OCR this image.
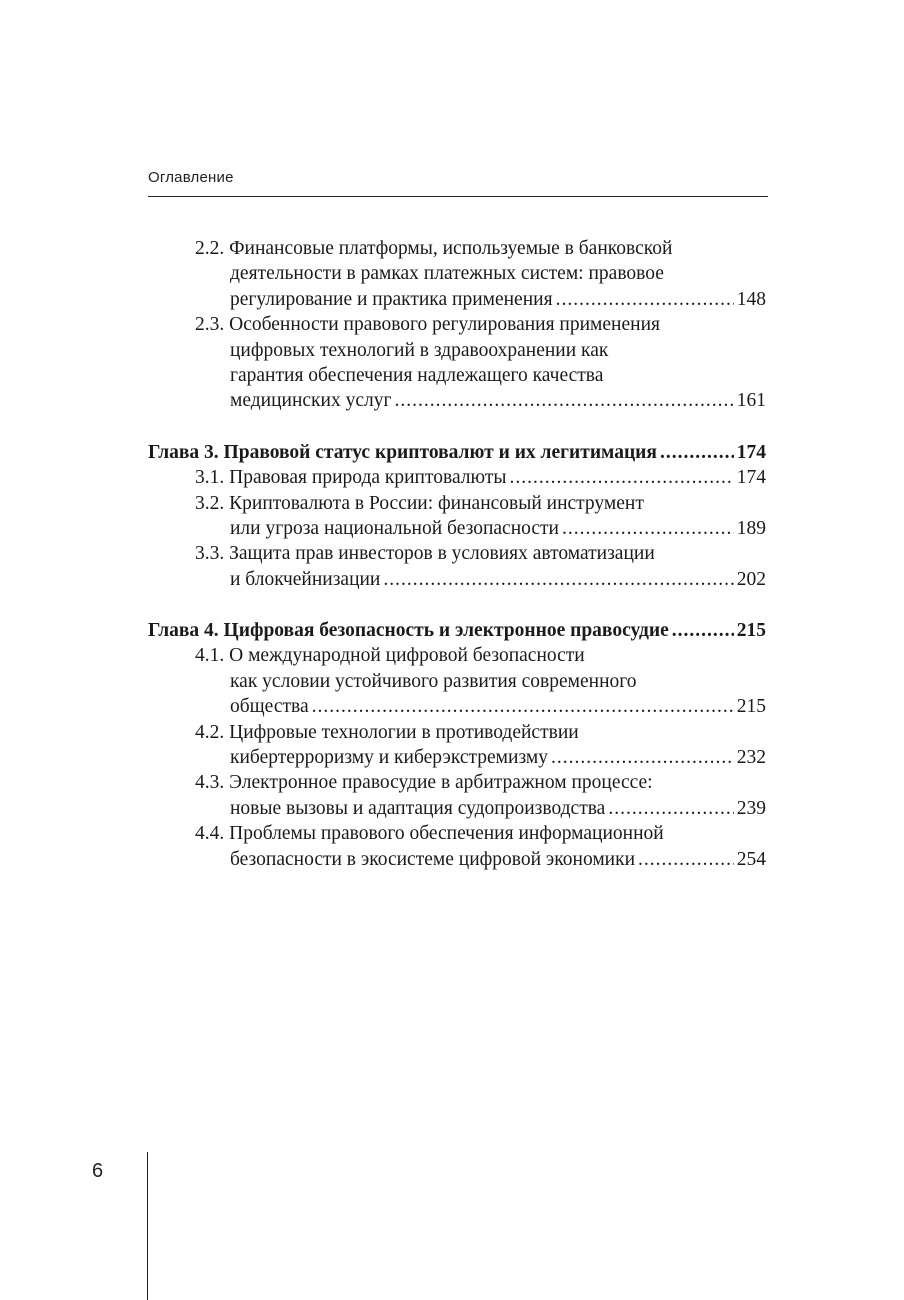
Оглавление
2.2. Финансовые платформы, используемые в банковской
деятельности в рамках платежных систем: правовое
регулирование и практика применения .....	148
2.3. Особенности правового регулирования применения
цифровых технологий в здравоохранении как
гарантия обеспечения надлежащего качества
медицинских услуг .....	161
Глава 3. Правовой статус криптовалют и их легитимация .....	174
3.1. Правовая природа криптовалюты .....	174
3.2. Криптовалюта в России: финансовый инструмент
или угроза национальной безопасности .....	189
3.3. Защита прав инвесторов в условиях автоматизации
и блокчейнизации .....	202
Глава 4. Цифровая безопасность и электронное правосудие .....	215
4.1. О международной цифровой безопасности
как условии устойчивого развития современного
общества .....	215
4.2. Цифровые технологии в противодействии
кибертерроризму и киберэкстремизму .....	232
4.3. Электронное правосудие в арбитражном процессе:
новые вызовы и адаптация судопроизводства .....	239
4.4. Проблемы правового обеспечения информационной
безопасности в экосистеме цифровой экономики .....	254
6
